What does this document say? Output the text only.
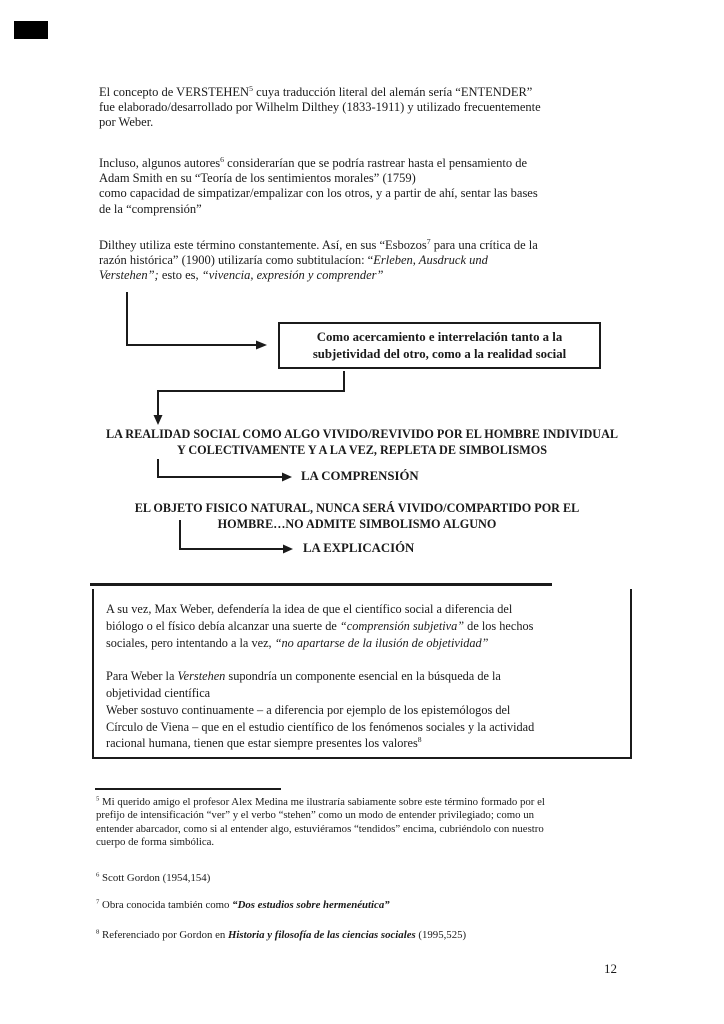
El concepto de VERSTEHEN$^5$ cuya traducción literal del alemán sería “ENTENDER”
fue elaborado/desarrollado por Wilhelm Dilthey (1833-1911) y utilizado frecuentemente
por Weber.
Incluso, algunos autores$^6$ considerarían que se podría rastrear hasta el pensamiento de
Adam Smith en su “Teoría de los sentimientos morales” (1759)
como capacidad de simpatizar/empalizar con los otros, y a partir de ahí, sentar las bases
de la “comprensión”
Dilthey utiliza este término constantemente. Así, en sus “Esbozos$^7$ para una crítica de la
razón histórica” (1900) utilizaría como subtitulacíon: “Erleben, Ausdruck und
Verstehen”; esto es, “vivencia, expresión y comprender”
Como acercamiento e interrelación tanto a la
subjetividad del otro, como a la realidad social
LA REALIDAD SOCIAL COMO ALGO VIVIDO/REVIVIDO POR EL HOMBRE INDIVIDUAL
Y COLECTIVAMENTE Y A LA VEZ, REPLETA DE SIMBOLISMOS
LA COMPRENSIÓN
EL OBJETO FISICO NATURAL, NUNCA SERÁ VIVIDO/COMPARTIDO POR EL
HOMBRE…NO ADMITE SIMBOLISMO ALGUNO
LA EXPLICACIÓN
A su vez, Max Weber, defendería la idea de que el científico social a diferencia del
biólogo o el físico debía alcanzar una suerte de “comprensión subjetiva” de los hechos
sociales, pero intentando a la vez, “no apartarse de la ilusión de objetividad”

Para Weber la Verstehen supondría un componente esencial en la búsqueda de la
objetividad científica
Weber sostuvo continuamente – a diferencia por ejemplo de los epistemólogos del
Círculo de Viena – que en el estudio científico de los fenómenos sociales y la actividad
racional humana, tienen que estar siempre presentes los valores$^8$
$^5$ Mi querido amigo el profesor Alex Medina me ilustraría sabiamente sobre este término formado por el
prefijo de intensificación “ver” y el verbo “stehen” como un modo de entender privilegiado; como un
entender abarcador, como si al entender algo, estuviéramos “tendidos” encima, cubriéndolo con nuestro
cuerpo de forma simbólica.
$^6$ Scott Gordon (1954,154)
$^7$ Obra conocida también como “Dos estudios sobre hermenéutica”
$^8$ Referenciado por Gordon en Historia y filosofía de las ciencias sociales (1995,525)
12
